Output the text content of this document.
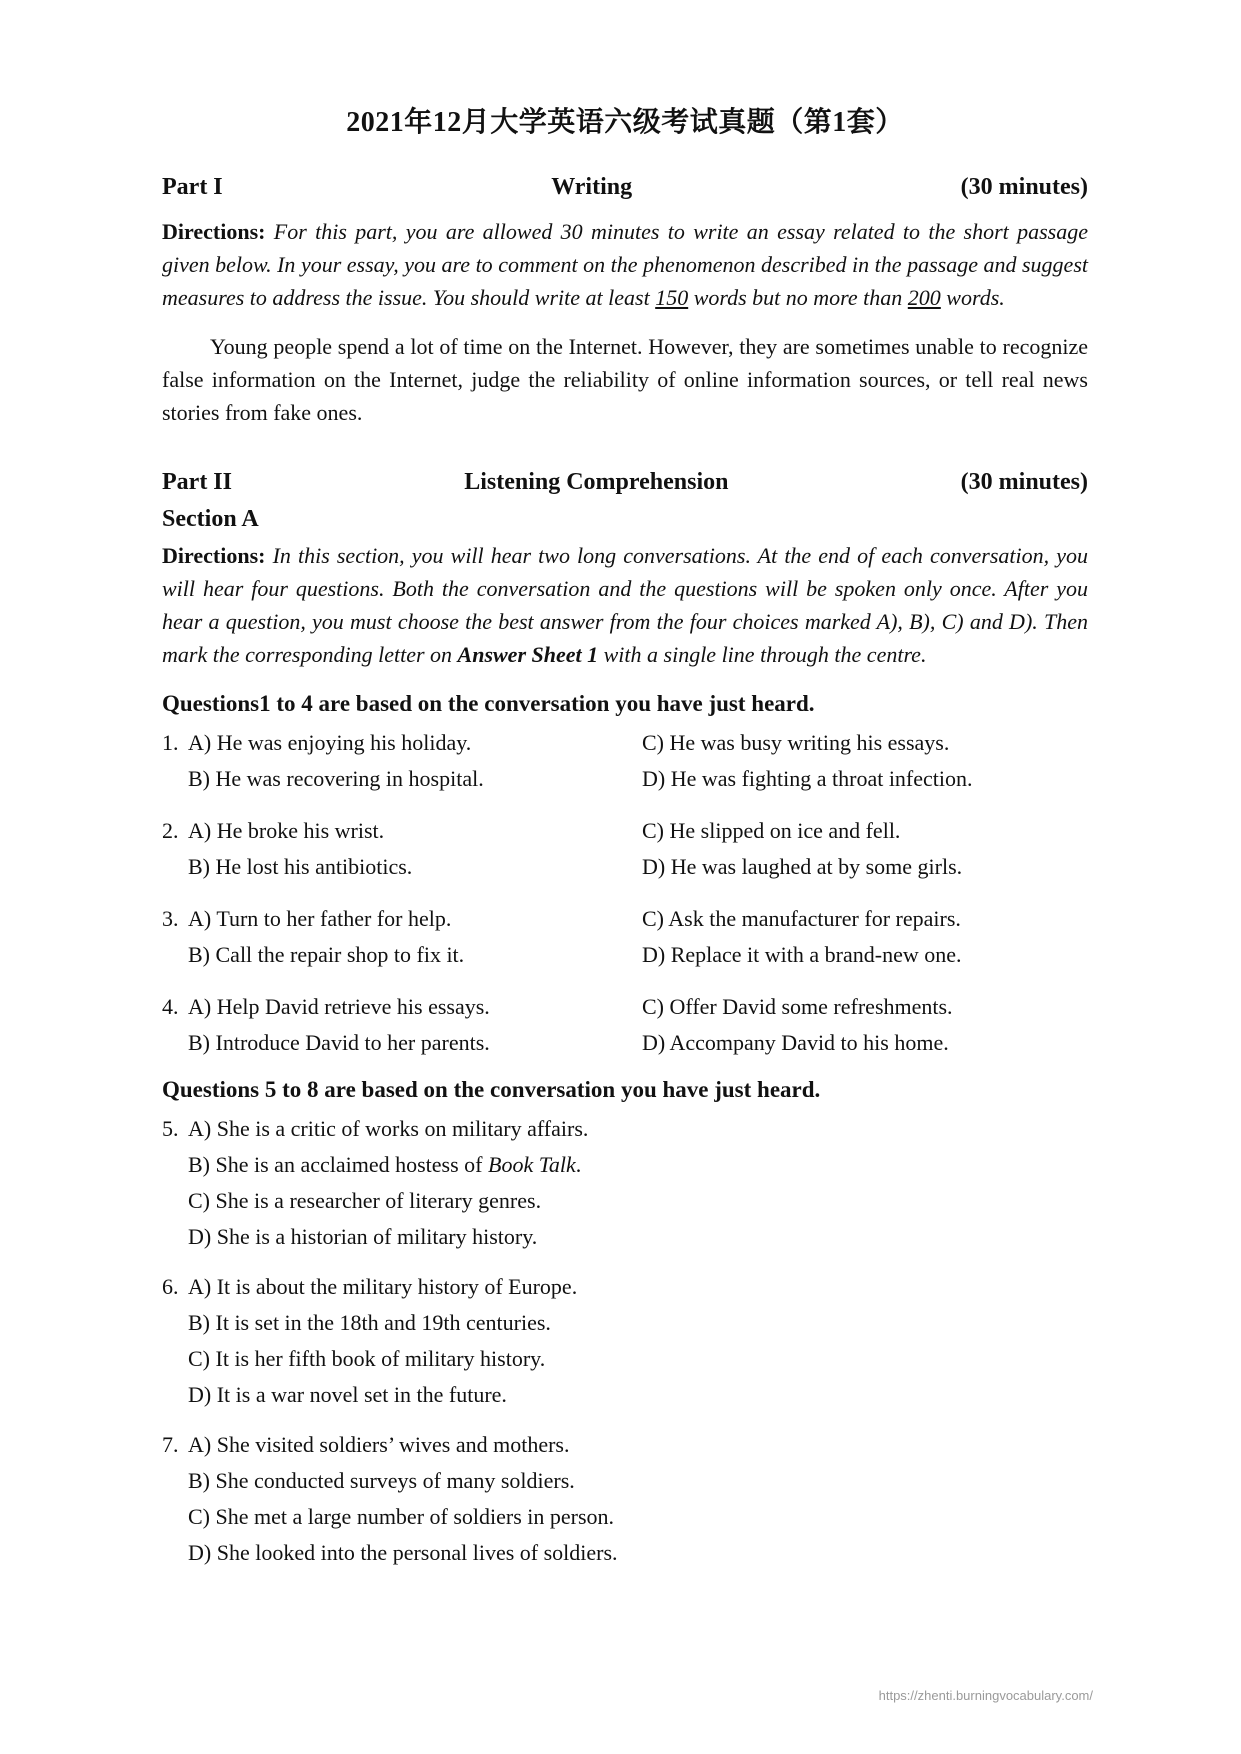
2021年12月大学英语六级考试真题（第1套）
Part I	Writing	(30 minutes)

Directions: For this part, you are allowed 30 minutes to write an essay related to the short passage given below. In your essay, you are to comment on the phenomenon described in the passage and suggest measures to address the issue. You should write at least 150 words but no more than 200 words.

Young people spend a lot of time on the Internet. However, they are sometimes unable to recognize false information on the Internet, judge the reliability of online information sources, or tell real news stories from fake ones.

Part II	Listening Comprehension	(30 minutes)
Section A

Directions: In this section, you will hear two long conversations. At the end of each conversation, you will hear four questions. Both the conversation and the questions will be spoken only once. After you hear a question, you must choose the best answer from the four choices marked A), B), C) and D). Then mark the corresponding letter on Answer Sheet 1 with a single line through the centre.

Questions1 to 4 are based on the conversation you have just heard.
1. A) He was enjoying his holiday.	C) He was busy writing his essays.
B) He was recovering in hospital.	D) He was fighting a throat infection.
2. A) He broke his wrist.	C) He slipped on ice and fell.
B) He lost his antibiotics.	D) He was laughed at by some girls.
3. A) Turn to her father for help.	C) Ask the manufacturer for repairs.
B) Call the repair shop to fix it.	D) Replace it with a brand-new one.
4. A) Help David retrieve his essays.	C) Offer David some refreshments.
B) Introduce David to her parents.	D) Accompany David to his home.
Questions 5 to 8 are based on the conversation you have just heard.
5. A) She is a critic of works on military affairs.
B) She is an acclaimed hostess of Book Talk.
C) She is a researcher of literary genres.
D) She is a historian of military history.
6. A) It is about the military history of Europe.
B) It is set in the 18th and 19th centuries.
C) It is her fifth book of military history.
D) It is a war novel set in the future.
7. A) She visited soldiers’ wives and mothers.
B) She conducted surveys of many soldiers.
C) She met a large number of soldiers in person.
D) She looked into the personal lives of soldiers.
https://zhenti.burningvocabulary.com/
